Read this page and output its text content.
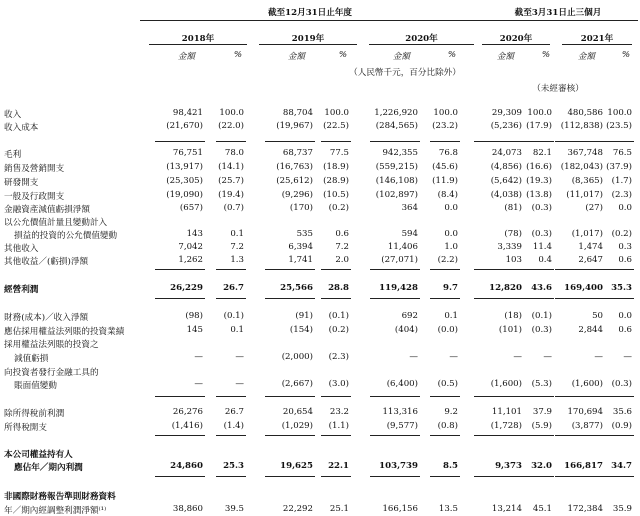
截至12月31日止年度	截至3月31日止三個月
2018年	2019年	2020年	2020年	2021年
金額	%	金額	%	金額	%	金額	%	金額	%
（人民幣千元，百分比除外）
（未經審核）
收入	98,421 100.0	88,704 100.0	1,226,920 100.0	29,309 100.0 480,586 100.0
收入成本	(21,670) (22.0)	(19,967) (22.5)	(284,565) (23.2)	(5,236) (17.9) (112,838) (23.5)
毛利	76,751	78.0	68,737 77.5	942,355 76.8	24,073 82.1 367,748 76.5
銷售及營銷開支	(13,917) (14.1)	(16,763) (18.9)	(559,215) (45.6)	(4,856) (16.6) (182,043) (37.9)
研發開支	(25,305) (25.7)	(25,612) (28.9)	(146,108) (11.9)	(5,642) (19.3) (8,365) (1.7)
一般及行政開支	(19,090) (19.4)	(9,296) (10.5)	(102,897) (8.4)	(4,038) (13.8) (11,017) (2.3)
金融資產減值虧損淨額	(657) (0.7)	(170) (0.2)	364	0.0	(81) (0.3)	(27) 0.0
以公允價值計量且變動計入
損益的投資的公允價值變動	143	0.1	535	0.6	594	0.0	(78) (0.3) (1,017) (0.2)
其他收入	7,042	7.2	6,394	7.2	11,406	1.0	3,339 11.4	1,474 0.3
其他收益／(虧損)淨額	1,262	1.3	1,741	2.0	(27,071) (2.2)	103 0.4	2,647 0.6
經營利潤	26,229 26.7	25,566 28.8	119,428	9.7	12,820 43.6 169,400 35.3
財務(成本)／收入淨額	(98) (0.1)	(91) (0.1)	692	0.1	(18) (0.1)	50 0.0
應佔採用權益法列賬的投資業績	145	0.1	(154) (0.2)	(404) (0.0)	(101) (0.3)	2,844 0.6
採用權益法列賬的投資之
減值虧損	—	—	(2,000) (2.3)	—	—	— —	— —
向投資者發行金融工具的
賬面值變動	—	—	(2,667) (3.0)	(6,400) (0.5)	(1,600) (5.3) (1,600) (0.3)
除所得稅前利潤	26,276	26.7	20,654 23.2	113,316	9.2	11,101 37.9 170,694 35.6
所得稅開支	(1,416) (1.4)	(1,029) (1.1)	(9,577) (0.8)	(1,728) (5.9) (3,877) (0.9)
本公司權益持有人
應佔年／期內利潤	24,860 25.3	19,625 22.1	103,739	8.5	9,373 32.0 166,817 34.7
非國際財務報告準則財務資料
年／期內經調整利潤淨額⁽¹⁾	38,860	39.5	22,292 25.1	166,156 13.5	13,214 45.1 172,384 35.9
